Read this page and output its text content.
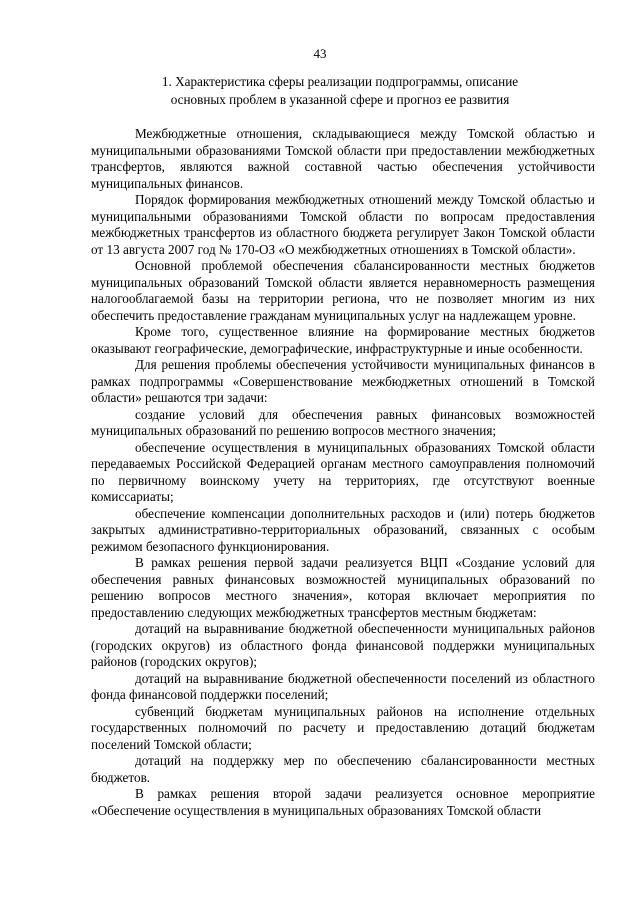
43
1. Характеристика сферы реализации подпрограммы, описание
основных проблем в указанной сфере и прогноз ее развития

Межбюджетные отношения, складывающиеся между Томской областью и муниципальными образованиями Томской области при предоставлении межбюджетных трансфертов, являются важной составной частью обеспечения устойчивости муниципальных финансов.

Порядок формирования межбюджетных отношений между Томской областью и муниципальными образованиями Томской области по вопросам предоставления межбюджетных трансфертов из областного бюджета регулирует Закон Томской области от 13 августа 2007 год № 170-ОЗ «О межбюджетных отношениях в Томской области».

Основной проблемой обеспечения сбалансированности местных бюджетов муниципальных образований Томской области является неравномерность размещения налогооблагаемой базы на территории региона, что не позволяет многим из них обеспечить предоставление гражданам муниципальных услуг на надлежащем уровне.

Кроме того, существенное влияние на формирование местных бюджетов оказывают географические, демографические, инфраструктурные и иные особенности.

Для решения проблемы обеспечения устойчивости муниципальных финансов в рамках подпрограммы «Совершенствование межбюджетных отношений в Томской области» решаются три задачи:

создание условий для обеспечения равных финансовых возможностей муниципальных образований по решению вопросов местного значения;

обеспечение осуществления в муниципальных образованиях Томской области передаваемых Российской Федерацией органам местного самоуправления полномочий по первичному воинскому учету на территориях, где отсутствуют военные комиссариаты;

обеспечение компенсации дополнительных расходов и (или) потерь бюджетов закрытых административно-территориальных образований, связанных с особым режимом безопасного функционирования.

В рамках решения первой задачи реализуется ВЦП «Создание условий для обеспечения равных финансовых возможностей муниципальных образований по решению вопросов местного значения», которая включает мероприятия по предоставлению следующих межбюджетных трансфертов местным бюджетам:

дотаций на выравнивание бюджетной обеспеченности муниципальных районов (городских округов) из областного фонда финансовой поддержки муниципальных районов (городских округов);

дотаций на выравнивание бюджетной обеспеченности поселений из областного фонда финансовой поддержки поселений;

субвенций бюджетам муниципальных районов на исполнение отдельных государственных полномочий по расчету и предоставлению дотаций бюджетам поселений Томской области;

дотаций на поддержку мер по обеспечению сбалансированности местных бюджетов.

В рамках решения второй задачи реализуется основное мероприятие «Обеспечение осуществления в муниципальных образованиях Томской области
